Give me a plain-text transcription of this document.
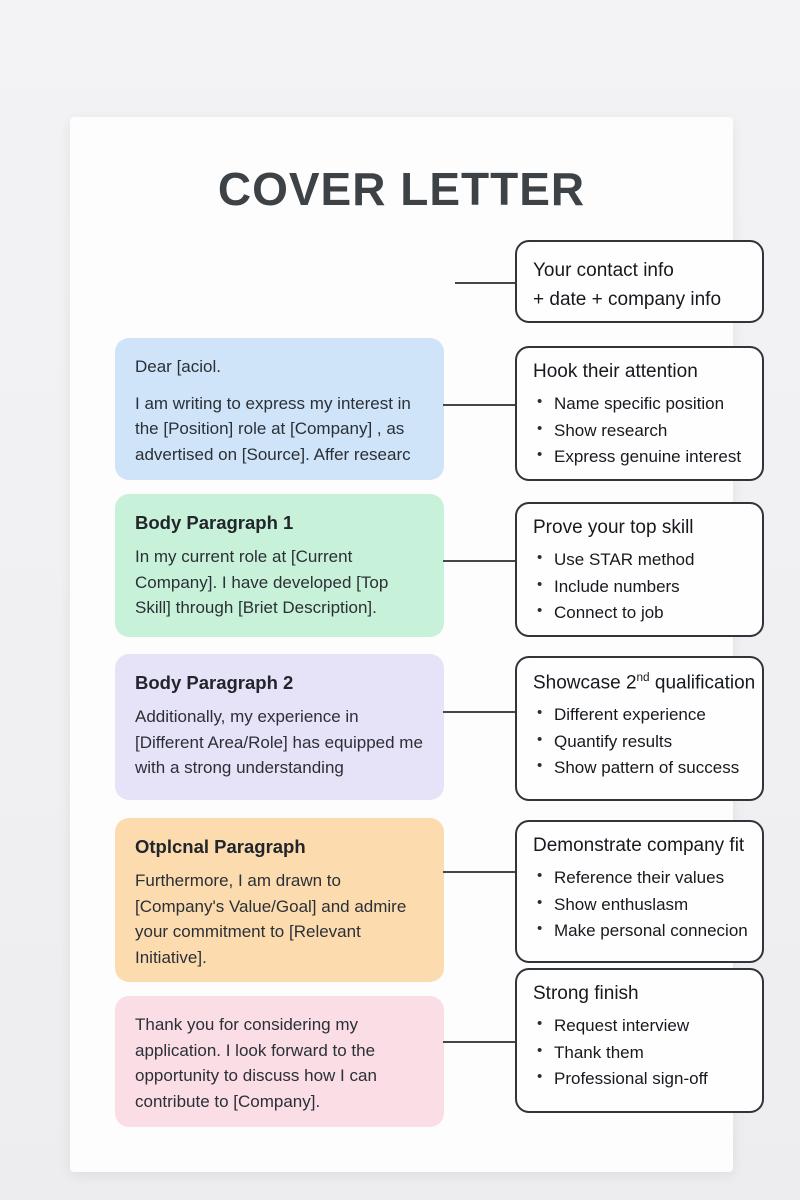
COVER LETTER
Dear [aciol.
I am writing to express my interest in the [Position] role at [Company] , as advertised on [Source]. Affer researc
Body Paragraph 1
In my current role at [Current Company]. I have developed [Top Skill] through [Briet Description].
Body Paragraph 2
Additionally, my experience in [Different Area/Role] has equipped me with a strong understanding
Otplcnal Paragraph
Furthermore, I am drawn to [Company's Value/Goal] and admire your commitment to [Relevant Initiative].
Thank you for considering my application. I look forward to the opportunity to discuss how I can contribute to [Company].
Your contact info
+ date + company info
Hook their attention
• Name specific position
• Show research
• Express genuine interest
Prove your top skill
• Use STAR method
• Include numbers
• Connect to job
Showcase 2nd qualification
• Different experience
• Quantify results
• Show pattern of success
Demonstrate company fit
• Reference their values
• Show enthuslasm
• Make personal connecion
Strong finish
• Request interview
• Thank them
• Professional sign-off
